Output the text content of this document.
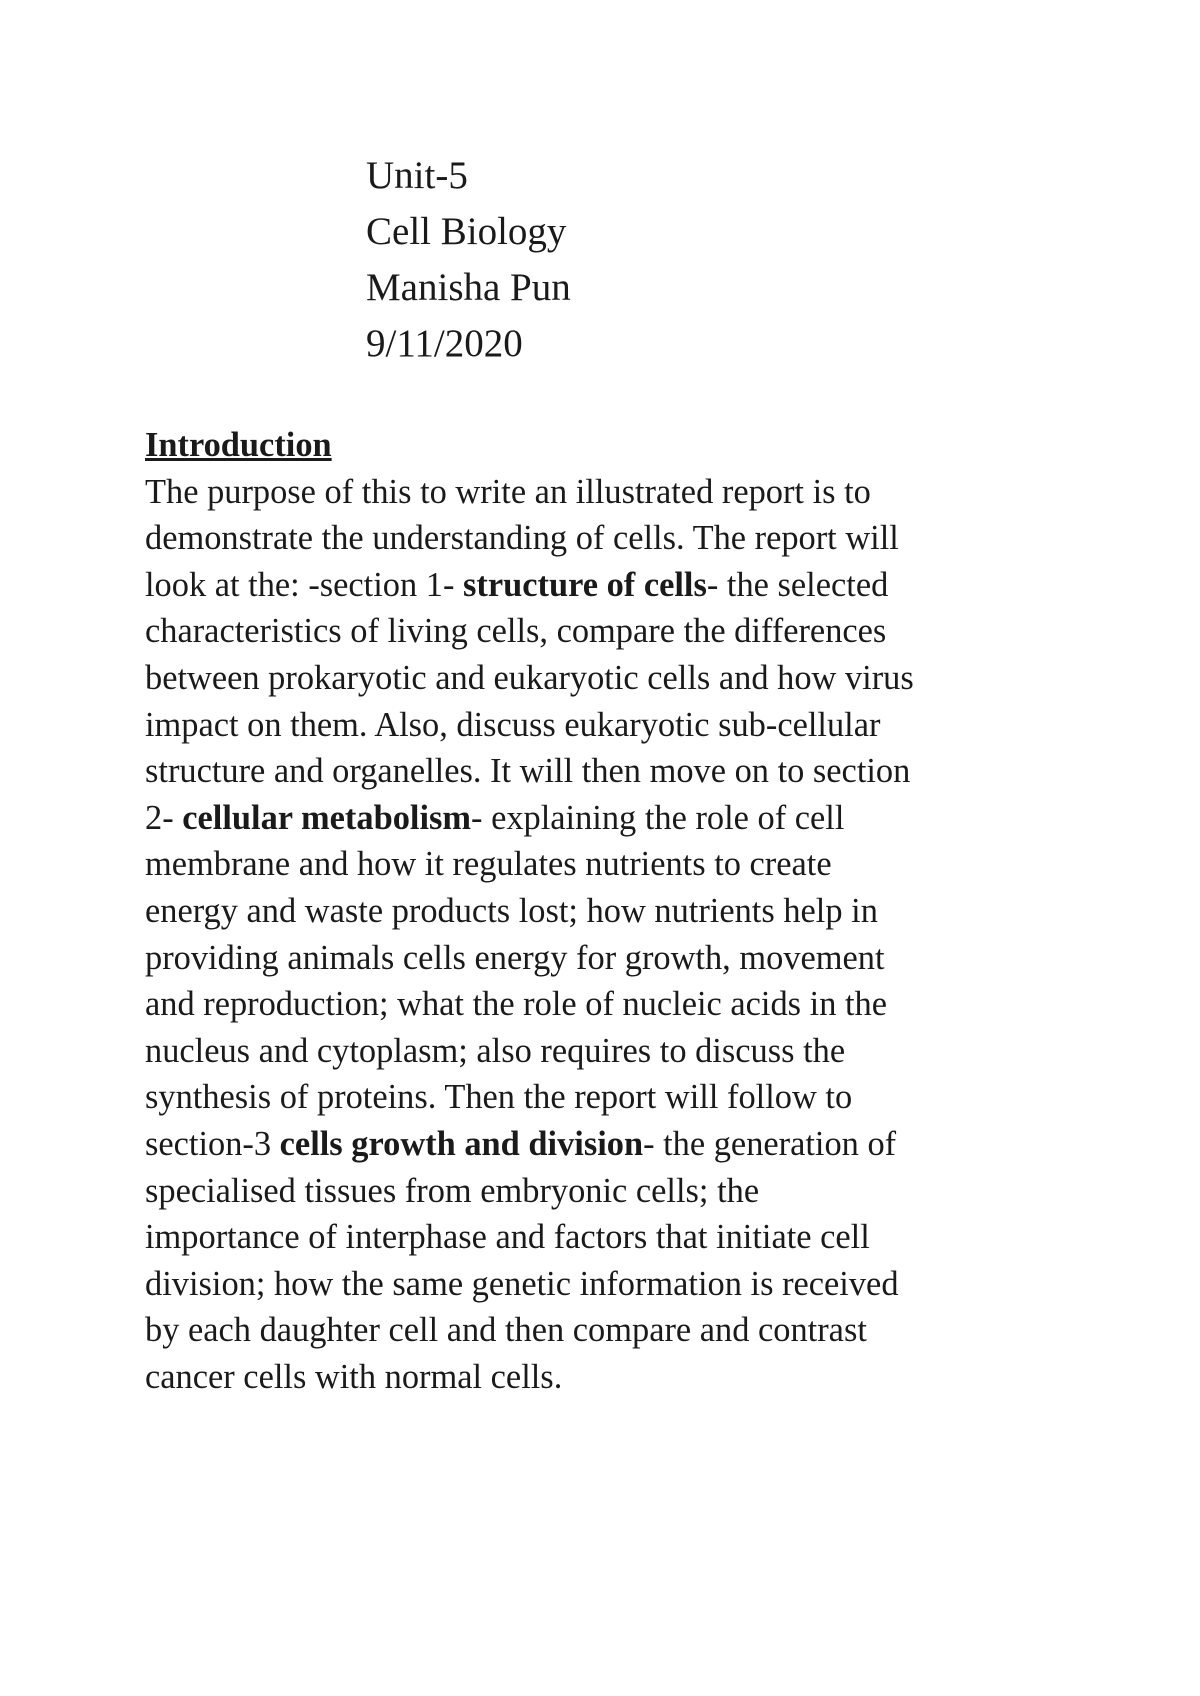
Unit-5
Cell Biology
Manisha Pun
9/11/2020
Introduction
The purpose of this to write an illustrated report is to
demonstrate the understanding of cells. The report will
look at the: -section 1- structure of cells- the selected
characteristics of living cells, compare the differences
between prokaryotic and eukaryotic cells and how virus
impact on them. Also, discuss eukaryotic sub-cellular
structure and organelles. It will then move on to section
2- cellular metabolism- explaining the role of cell
membrane and how it regulates nutrients to create
energy and waste products lost; how nutrients help in
providing animals cells energy for growth, movement
and reproduction; what the role of nucleic acids in the
nucleus and cytoplasm; also requires to discuss the
synthesis of proteins. Then the report will follow to
section-3 cells growth and division- the generation of
specialised tissues from embryonic cells; the
importance of interphase and factors that initiate cell
division; how the same genetic information is received
by each daughter cell and then compare and contrast
cancer cells with normal cells.
